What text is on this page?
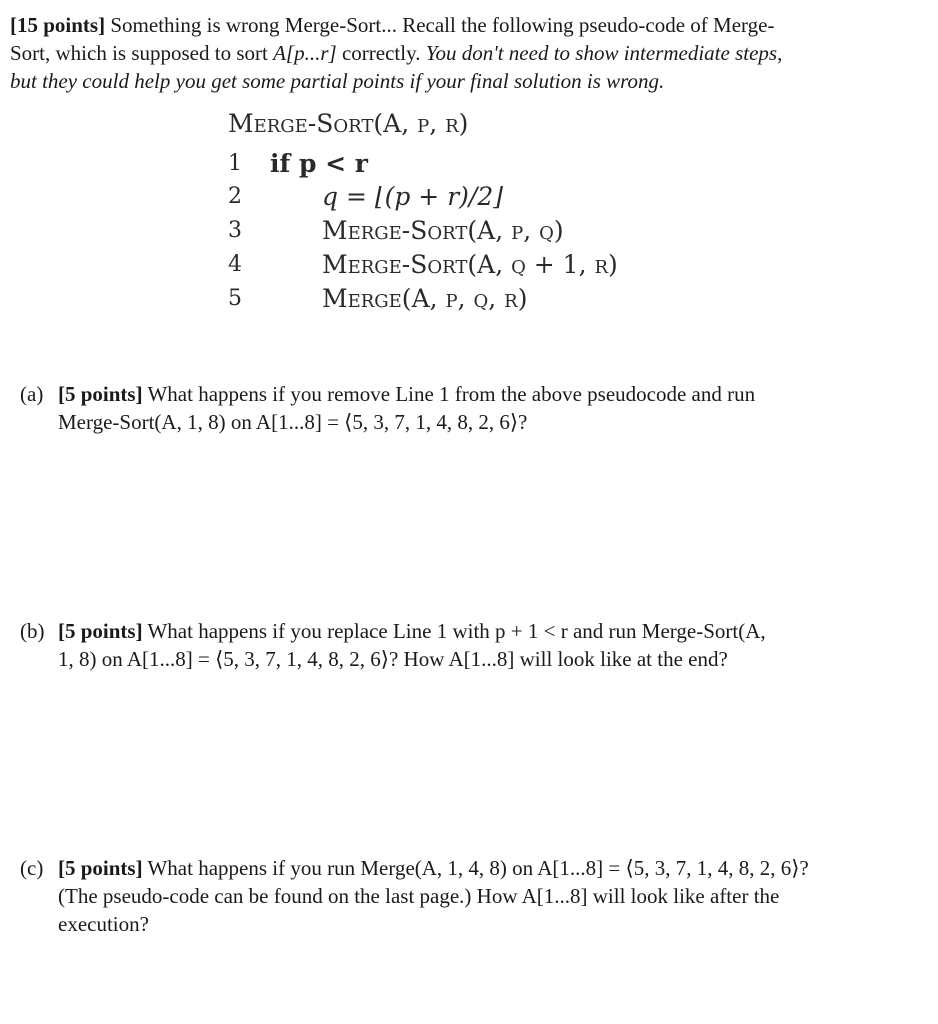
[15 points] Something is wrong Merge-Sort... Recall the following pseudo-code of Merge-
Sort, which is supposed to sort A[p...r] correctly. You don't need to show intermediate steps,
but they could help you get some partial points if your final solution is wrong.
Merge-Sort(A, p, r)
1	if p < r
2	q = ⌊(p + r)/2⌋
3	Merge-Sort(A, p, q)
4	Merge-Sort(A, q + 1, r)
5	Merge(A, p, q, r)
(a) [5 points] What happens if you remove Line 1 from the above pseudocode and run
Merge-Sort(A, 1, 8) on A[1...8] = ⟨5, 3, 7, 1, 4, 8, 2, 6⟩?
(b) [5 points] What happens if you replace Line 1 with p + 1 < r and run Merge-Sort(A,
1, 8) on A[1...8] = ⟨5, 3, 7, 1, 4, 8, 2, 6⟩? How A[1...8] will look like at the end?
(c) [5 points] What happens if you run Merge(A, 1, 4, 8) on A[1...8] = ⟨5, 3, 7, 1, 4, 8, 2, 6⟩?
(The pseudo-code can be found on the last page.) How A[1...8] will look like after the
execution?
